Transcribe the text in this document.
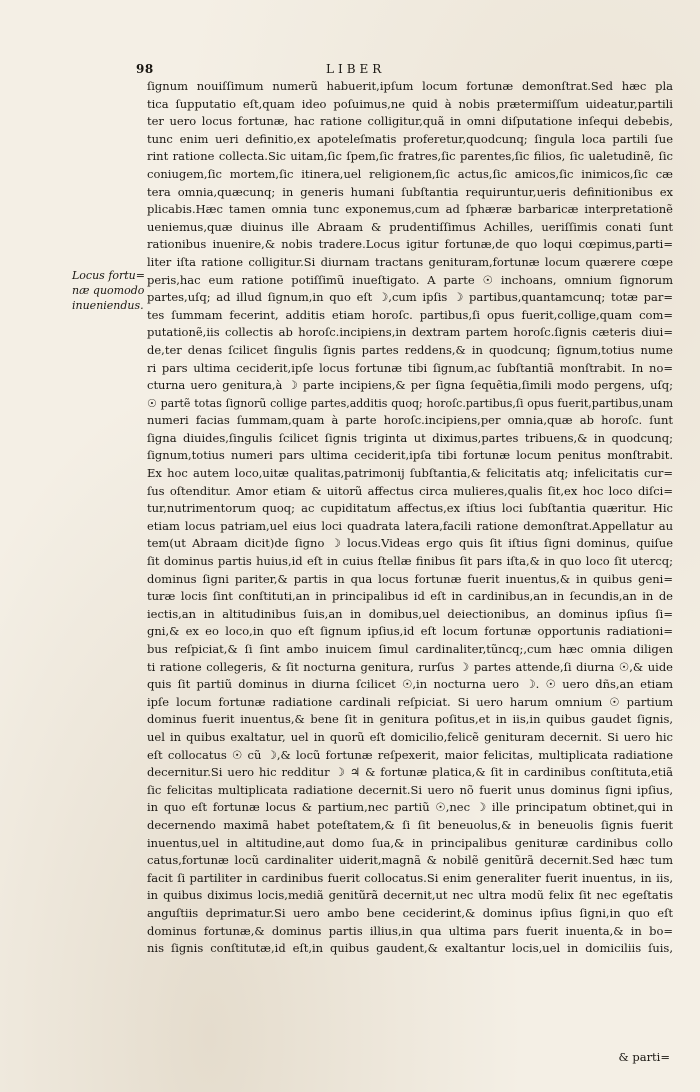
98	LIBER
Locus fortu=
næ quomodo
inueniendus.
ſignum nouiſſimum numerũ habuerit,ipſum locum fortunæ demonſtrat.Sed hæc pla
tica ſupputatio eſt,quam ideo poſuimus,ne quid à nobis prætermiſſum uideatur,partili
ter uero locus fortunæ, hac ratione colligitur,quã in omni diſputatione inſequi debebis,
tunc enim ueri definitio,ex apoteleſmatis proferetur,quodcunq; ſingula loca partili ſue
rint ratione collecta.Sic uitam,ſic ſpem,ſic fratres,ſic parentes,ſic filios, ſic ualetudinẽ, ſic
coniugem,ſic mortem,ſic itinera,uel religionem,ſic actus,ſic amicos,ſic inimicos,ſic cæ
tera omnia,quæcunq; in generis humani ſubſtantia requiruntur,ueris definitionibus ex
plicabis.Hæc tamen omnia tunc exponemus,cum ad ſphæræ barbaricæ interpretationẽ
ueniemus,quæ diuinus ille Abraam & prudentiſſimus Achilles, ueriſſimis conati ſunt
rationibus inuenire,& nobis tradere.Locus igitur fortunæ,de quo loqui cœpimus,parti=
liter iſta ratione colligitur.Si diurnam tractans genituram,fortunæ locum quærere cœpe
peris,hac eum ratione potiſſimũ inueſtigato. A parte ☉ inchoans, omnium ſignorum
partes,uſq; ad illud ſignum,in quo eſt ☽,cum ipſis ☽ partibus,quantamcunq; totæ par=
tes ſummam fecerint, additis etiam horoſc. partibus,ſi opus fuerit,collige,quam com=
putationẽ,iis collectis ab horoſc.incipiens,in dextram partem horoſc.ſignis cæteris diui=
de,ter denas ſcilicet ſingulis ſignis partes reddens,& in quodcunq; ſignum,totius nume
ri pars ultima ceciderit,ipſe locus fortunæ tibi ſignum,ac ſubſtantiã monſtrabit. In no=
cturna uero genitura,à ☽ parte incipiens,& per ſigna ſequẽtia,ſimili modo pergens, uſq;
☉ partẽ totas ſignorũ collige partes,additis quoq; horoſc.partibus,ſi opus fuerit,partibus,unam
numeri facias ſummam,quam à parte horoſc.incipiens,per omnia,quæ ab horoſc. ſunt
ſigna diuides,ſingulis ſcilicet ſignis triginta ut diximus,partes tribuens,& in quodcunq;
ſignum,totius numeri pars ultima ceciderit,ipſa tibi fortunæ locum penitus monſtrabit.
Ex hoc autem loco,uitæ qualitas,patrimonij ſubſtantia,& felicitatis atq; infelicitatis cur=
ſus oſtenditur. Amor etiam & uitorũ affectus circa mulieres,qualis ſit,ex hoc loco diſci=
tur,nutrimentorum quoq; ac cupiditatum affectus,ex iſtius loci ſubſtantia quæritur. Hic
etiam locus patriam,uel eius loci quadrata latera,facili ratione demonſtrat.Appellatur au
tem(ut Abraam dicit)de ſigno ☽ locus.Videas ergo quis ſit iſtius ſigni dominus, quiſue
ſit dominus partis huius,id eſt in cuius ſtellæ finibus ſit pars iſta,& in quo loco ſit utercq;
dominus ſigni pariter,& partis in qua locus fortunæ fuerit inuentus,& in quibus geni=
turæ locis ſint conſtituti,an in principalibus id eſt in cardinibus,an in ſecundis,an in de
iectis,an in altitudinibus ſuis,an in domibus,uel deiectionibus, an dominus ipſius ſi=
gni,& ex eo loco,in quo eſt ſignum ipſius,id eſt locum fortunæ opportunis radiationi=
bus reſpiciat,& ſi ſint ambo inuicem ſimul cardinaliter,tũncq;,cum hæc omnia diligen
ti ratione collegeris, & ſit nocturna genitura, rurſus ☽ partes attende,ſi diurna ☉,& uide
quis ſit partiũ dominus in diurna ſcilicet ☉,in nocturna uero ☽. ☉ uero dñs,an etiam
ipſe locum fortunæ radiatione cardinali reſpiciat. Si uero harum omnium ☉ partium
dominus fuerit inuentus,& bene ſit in genitura poſitus,et in iis,in quibus gaudet ſignis,
uel in quibus exaltatur, uel in quorũ eſt domicilio,felicẽ genituram decernit. Si uero hic
eſt collocatus ☉ cũ ☽,& locũ fortunæ reſpexerit, maior felicitas, multiplicata radiatione
decernitur.Si uero hic redditur ☽ ♃ & fortunæ platica,& ſit in cardinibus conſtituta,etiã
ſic felicitas multiplicata radiatione decernit.Si uero nõ fuerit unus dominus ſigni ipſius,
in quo eſt fortunæ locus & partium,nec partiũ ☉,nec ☽ ille principatum obtinet,qui in
decernendo maximã habet poteſtatem,& ſi ſit beneuolus,& in beneuolis ſignis fuerit
inuentus,uel in altitudine,aut domo ſua,& in principalibus genituræ cardinibus collo
catus,fortunæ locũ cardinaliter uiderit,magnã & nobilẽ genitũrã decernit.Sed hæc tum
facit ſi partiliter in cardinibus fuerit collocatus.Si enim generaliter fuerit inuentus, in iis,
in quibus diximus locis,mediã genitũrã decernit,ut nec ultra modũ felix ſit nec egeſtatis
anguſtiis deprimatur.Si uero ambo bene ceciderint,& dominus ipſius ſigni,in quo eſt
dominus fortunæ,& dominus partis illius,in qua ultima pars fuerit inuenta,& in bo=
nis ſignis conſtitutæ,id eſt,in quibus gaudent,& exaltantur locis,uel in domiciliis ſuis,
& parti=
